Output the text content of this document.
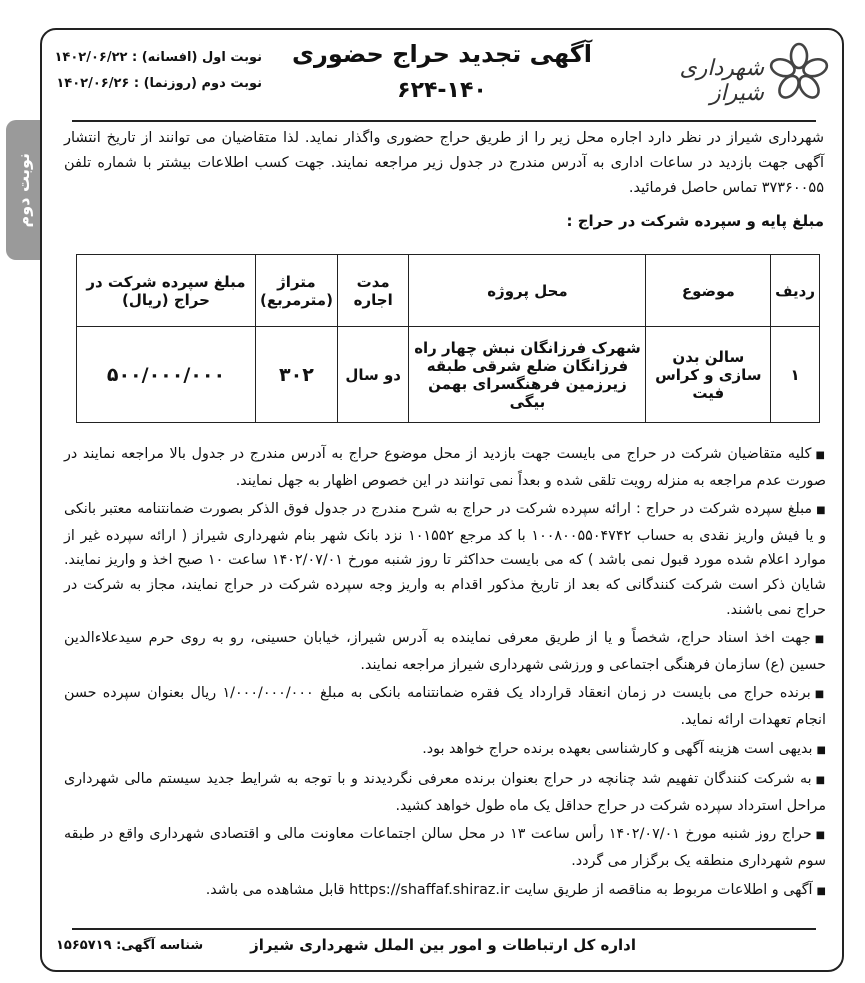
شهرداری شیراز
آگهی تجدید حراج حضوری
۶۲۴-۱۴۰
نوبت اول (افسانه) : ۱۴۰۲/۰۶/۲۲
نوبت دوم (روزنما) : ۱۴۰۲/۰۶/۲۶

شهرداری شیراز در نظر دارد اجاره محل زیر را از طریق حراج حضوری واگذار نماید. لذا متقاضیان می توانند از تاریخ انتشار آگهی جهت بازدید در ساعات اداری به آدرس مندرج در جدول زیر مراجعه نمایند. جهت کسب اطلاعات بیشتر با شماره تلفن ۳۷۳۶۰۰۵۵ تماس حاصل فرمائید.

مبلغ پایه و سپرده شرکت در حراج :
ردیف	موضوع	محل پروژه	مدت اجاره	متراژ (مترمربع)	مبلغ سپرده شرکت در حراج (ریال)
۱	سالن بدن سازی و کراس فیت	شهرک فرزانگان نبش چهار راه فرزانگان ضلع شرقی طبقه زیرزمین فرهنگسرای بهمن بیگی	دو سال	۳۰۲	۵۰۰/۰۰۰/۰۰۰

■کلیه متقاضیان شرکت در حراج می بایست جهت بازدید از محل موضوع حراج به آدرس مندرج در جدول بالا مراجعه نمایند در صورت عدم مراجعه به منزله رویت تلقی شده و بعداً نمی توانند در این خصوص اظهار به جهل نمایند.

■مبلغ سپرده شرکت در حراج : ارائه سپرده شرکت در حراج به شرح مندرج در جدول فوق الذکر بصورت ضمانتنامه معتبر بانکی و یا فیش واریز نقدی به حساب ۱۰۰۸۰۰۵۵۰۴۷۴۲ با کد مرجع ۱۰۱۵۵۲ نزد بانک شهر بنام شهرداری شیراز ( ارائه سپرده غیر از موارد اعلام شده مورد قبول نمی باشد ) که می بایست حداکثر تا روز شنبه مورخ ۱۴۰۲/۰۷/۰۱ ساعت ۱۰ صبح اخذ و واریز نمایند. شایان ذکر است شرکت کنندگانی که بعد از تاریخ مذکور اقدام به واریز وجه سپرده شرکت در حراج نمایند، مجاز به شرکت در حراج نمی باشند.

■جهت اخذ اسناد حراج، شخصاً و یا از طریق معرفی نماینده به آدرس شیراز، خیابان حسینی، رو به روی حرم سیدعلاءالدین حسین (ع) سازمان فرهنگی اجتماعی و ورزشی شهرداری شیراز مراجعه نمایند.

■برنده حراج می بایست در زمان انعقاد قرارداد یک فقره ضمانتنامه بانکی به مبلغ ۱/۰۰۰/۰۰۰/۰۰۰ ریال بعنوان سپرده حسن انجام تعهدات ارائه نماید.

■بدیهی است هزینه آگهی و کارشناسی بعهده برنده حراج خواهد بود.

■به شرکت کنندگان تفهیم شد چنانچه در حراج بعنوان برنده معرفی نگردیدند و با توجه به شرایط جدید سیستم مالی شهرداری مراحل استرداد سپرده شرکت در حراج حداقل یک ماه طول خواهد کشید.

■حراج روز شنبه مورخ ۱۴۰۲/۰۷/۰۱ رأس ساعت ۱۳ در محل سالن اجتماعات معاونت مالی و اقتصادی شهرداری واقع در طبقه سوم شهرداری منطقه یک برگزار می گردد.

■آگهی و اطلاعات مربوط به مناقصه از طریق سایت https://shaffaf.shiraz.ir قابل مشاهده می باشد.

اداره کل ارتباطات و امور بین الملل شهرداری شیراز
شناسه آگهی: ۱۵۶۵۷۱۹
نوبت دوم
